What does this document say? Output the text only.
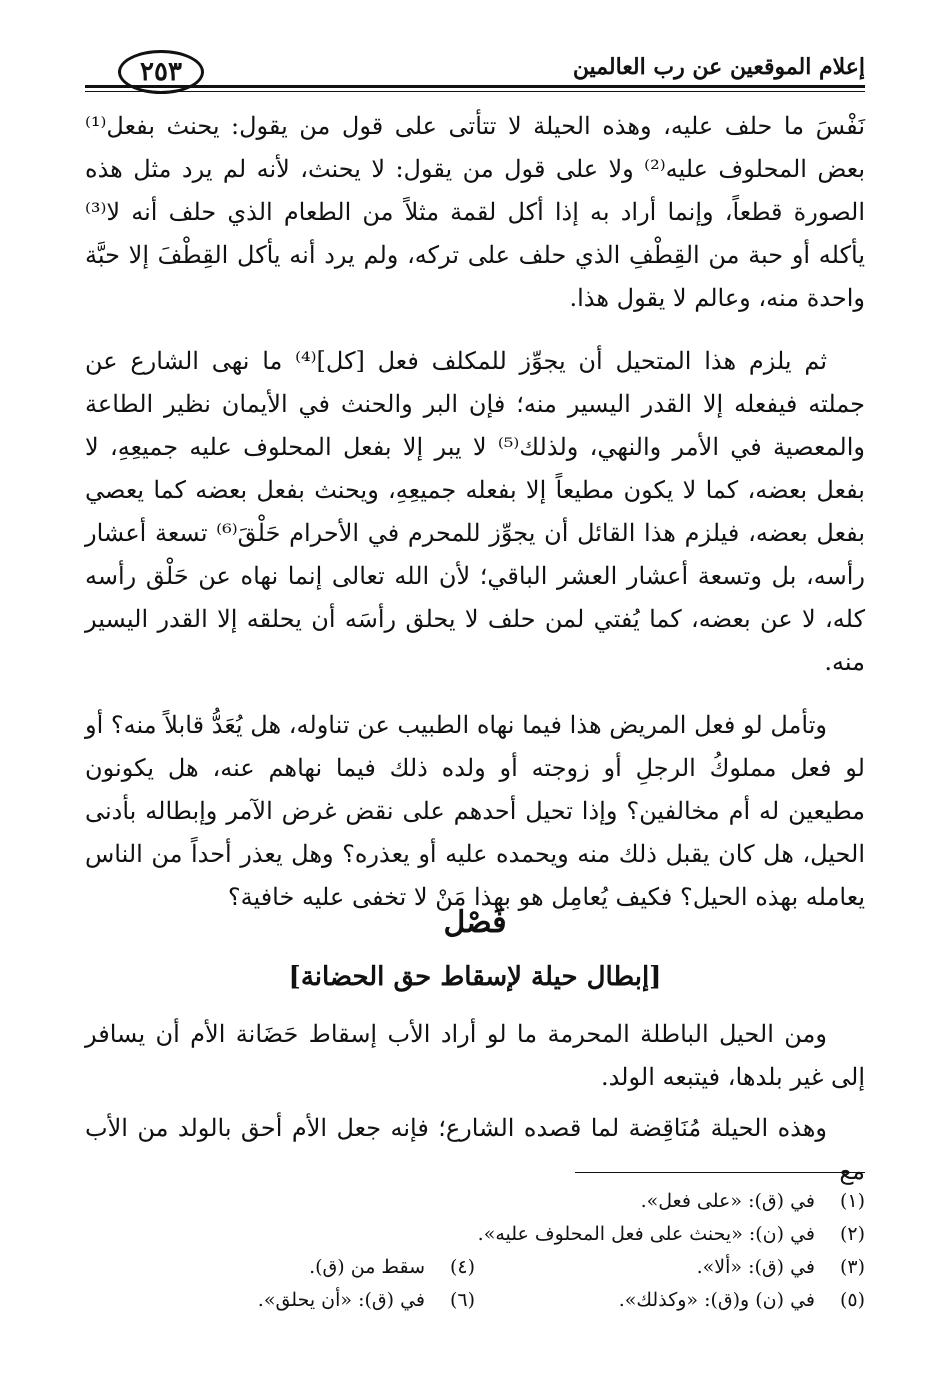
٢٥٣	إعلام الموقعين عن رب العالمين

نَفْسَ ما حلف عليه، وهذه الحيلة لا تتأتى على قول من يقول: يحنث بفعل⁽¹⁾ بعض المحلوف عليه⁽²⁾ ولا على قول من يقول: لا يحنث، لأنه لم يرد مثل هذه الصورة قطعاً، وإنما أراد به إذا أكل لقمة مثلاً من الطعام الذي حلف أنه لا⁽³⁾ يأكله أو حبة من القِطْفِ الذي حلف على تركه، ولم يرد أنه يأكل القِطْفَ إلا حبَّة واحدة منه، وعالم لا يقول هذا.

ثم يلزم هذا المتحيل أن يجوِّز للمكلف فعل [كل]⁽⁴⁾ ما نهى الشارع عن جملته فيفعله إلا القدر اليسير منه؛ فإن البر والحنث في الأيمان نظير الطاعة والمعصية في الأمر والنهي، ولذلك⁽⁵⁾ لا يبر إلا بفعل المحلوف عليه جميعِهِ، لا بفعل بعضه، كما لا يكون مطيعاً إلا بفعله جميعِهِ، ويحنث بفعل بعضه كما يعصي بفعل بعضه، فيلزم هذا القائل أن يجوِّز للمحرم في الأحرام حَلْقَ⁽⁶⁾ تسعة أعشار رأسه، بل وتسعة أعشار العشر الباقي؛ لأن الله تعالى إنما نهاه عن حَلْق رأسه كله، لا عن بعضه، كما يُفتي لمن حلف لا يحلق رأسَه أن يحلقه إلا القدر اليسير منه.

وتأمل لو فعل المريض هذا فيما نهاه الطبيب عن تناوله، هل يُعَدُّ قابلاً منه؟ أو لو فعل مملوكُ الرجلِ أو زوجته أو ولده ذلك فيما نهاهم عنه، هل يكونون مطيعين له أم مخالفين؟ وإذا تحيل أحدهم على نقض غرض الآمر وإبطاله بأدنى الحيل، هل كان يقبل ذلك منه ويحمده عليه أو يعذره؟ وهل يعذر أحداً من الناس يعامله بهذه الحيل؟ فكيف يُعامِل هو بهذا مَنْ لا تخفى عليه خافية؟

فَصْل
[إبطال حيلة لإسقاط حق الحضانة]

ومن الحيل الباطلة المحرمة ما لو أراد الأب إسقاط حَضَانة الأم أن يسافر إلى غير بلدها، فيتبعه الولد.

وهذه الحيلة مُنَاقِضة لما قصده الشارع؛ فإنه جعل الأم أحق بالولد من الأب مع

(١)
في (ق): «على فعل».
(٢)
في (ن): «يحنث على فعل المحلوف عليه».
(٣)
في (ق): «ألا».
(٤)
سقط من (ق).
(٥)
في (ن) و(ق): «وكذلك».
(٦)
في (ق): «أن يحلق».
